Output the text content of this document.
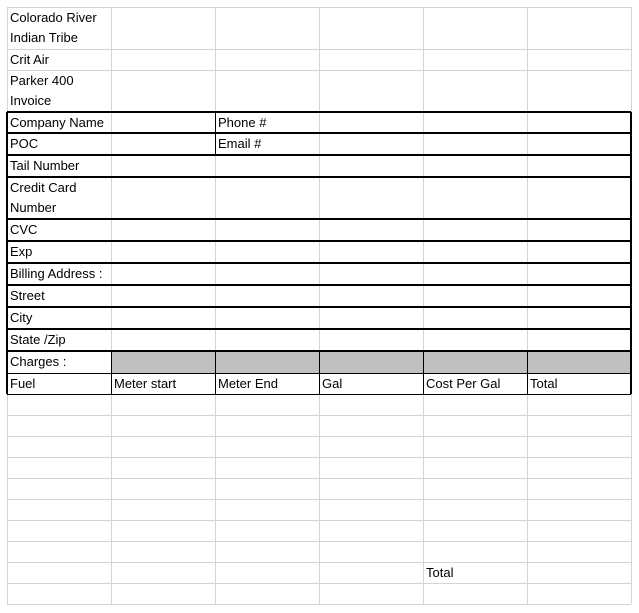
Colorado River Indian Tribe
Crit Air
Parker 400 Invoice
Company Name	Phone #
POC	Email #
Tail Number
Credit Card Number
CVC
Exp
Billing Address :
Street
City
State /Zip
Charges :
Fuel	Meter start	Meter End	Gal	Cost Per Gal	Total
Total
